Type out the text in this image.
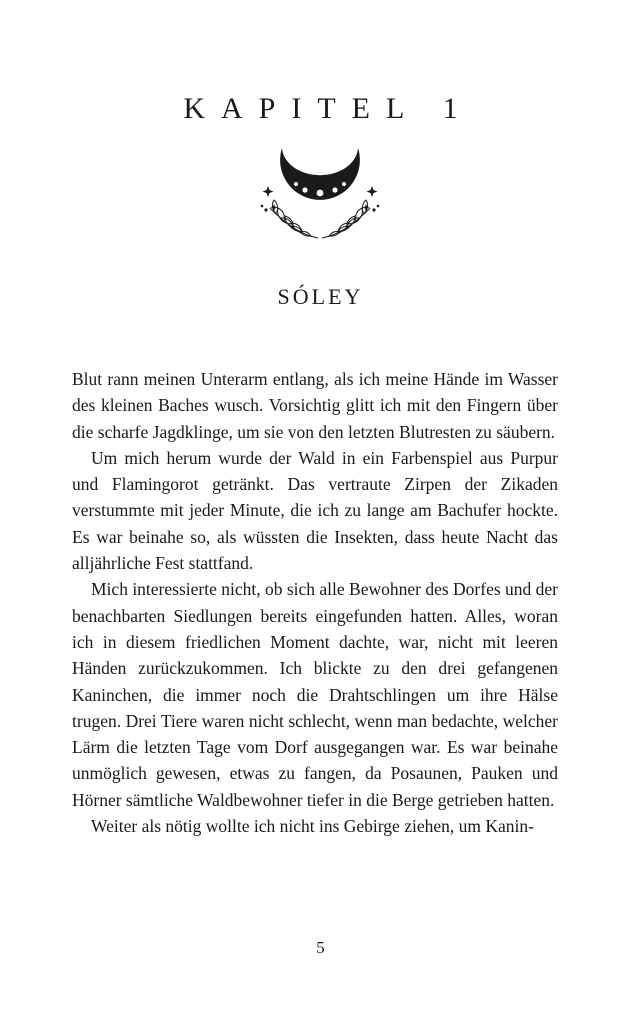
KAPITEL 1
SÓLEY

Blut rann meinen Unterarm entlang, als ich meine Hände im Wasser des kleinen Baches wusch. Vorsichtig glitt ich mit den Fingern über die scharfe Jagdklinge, um sie von den letzten Blutresten zu säubern.

Um mich herum wurde der Wald in ein Farbenspiel aus Purpur und Flamingorot getränkt. Das vertraute Zirpen der Zikaden verstummte mit jeder Minute, die ich zu lange am Bachufer hockte. Es war beinahe so, als wüssten die Insekten, dass heute Nacht das alljährliche Fest stattfand.

Mich interessierte nicht, ob sich alle Bewohner des Dorfes und der benachbarten Siedlungen bereits eingefunden hatten. Alles, woran ich in diesem friedlichen Moment dachte, war, nicht mit leeren Händen zurückzukommen. Ich blickte zu den drei gefangenen Kaninchen, die immer noch die Drahtschlingen um ihre Hälse trugen. Drei Tiere waren nicht schlecht, wenn man bedachte, welcher Lärm die letzten Tage vom Dorf ausgegangen war. Es war beinahe unmöglich gewesen, etwas zu fangen, da Posaunen, Pauken und Hörner sämtliche Waldbewohner tiefer in die Berge getrieben hatten.

Weiter als nötig wollte ich nicht ins Gebirge ziehen, um Kanin-

5
